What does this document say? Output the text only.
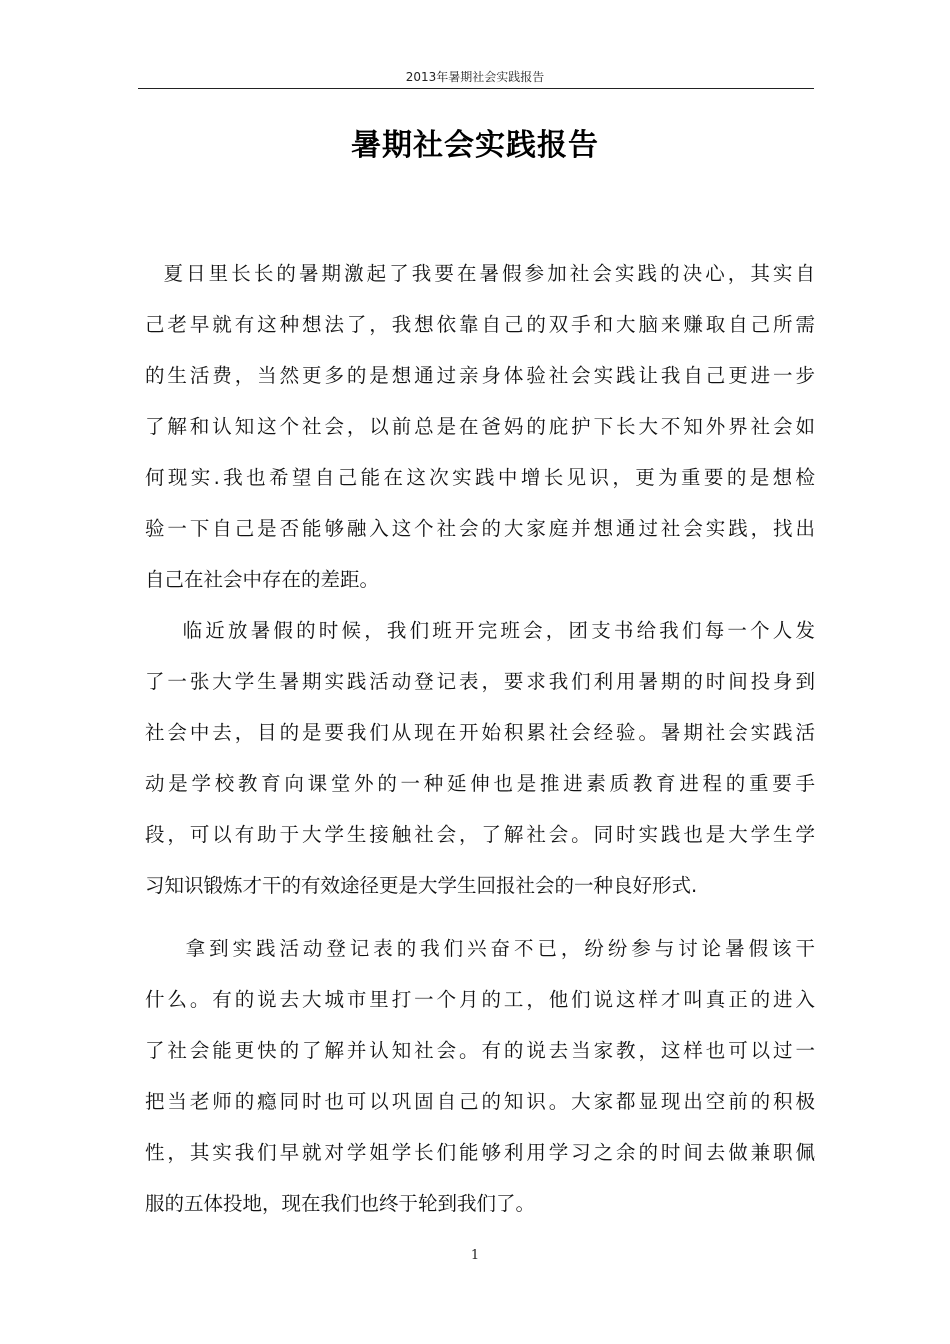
2013年暑期社会实践报告
暑期社会实践报告
夏日里长长的暑期激起了我要在暑假参加社会实践的决心，其实自
己老早就有这种想法了，我想依靠自己的双手和大脑来赚取自己所需
的生活费，当然更多的是想通过亲身体验社会实践让我自己更进一步
了解和认知这个社会，以前总是在爸妈的庇护下长大不知外界社会如
何现实.我也希望自己能在这次实践中增长见识，更为重要的是想检
验一下自己是否能够融入这个社会的大家庭并想通过社会实践，找出
自己在社会中存在的差距。
临近放暑假的时候，我们班开完班会，团支书给我们每一个人发
了一张大学生暑期实践活动登记表，要求我们利用暑期的时间投身到
社会中去，目的是要我们从现在开始积累社会经验。暑期社会实践活
动是学校教育向课堂外的一种延伸也是推进素质教育进程的重要手
段，可以有助于大学生接触社会，了解社会。同时实践也是大学生学
习知识锻炼才干的有效途径更是大学生回报社会的一种良好形式.
拿到实践活动登记表的我们兴奋不已，纷纷参与讨论暑假该干
什么。有的说去大城市里打一个月的工，他们说这样才叫真正的进入
了社会能更快的了解并认知社会。有的说去当家教，这样也可以过一
把当老师的瘾同时也可以巩固自己的知识。大家都显现出空前的积极
性，其实我们早就对学姐学长们能够利用学习之余的时间去做兼职佩
服的五体投地，现在我们也终于轮到我们了。
1
